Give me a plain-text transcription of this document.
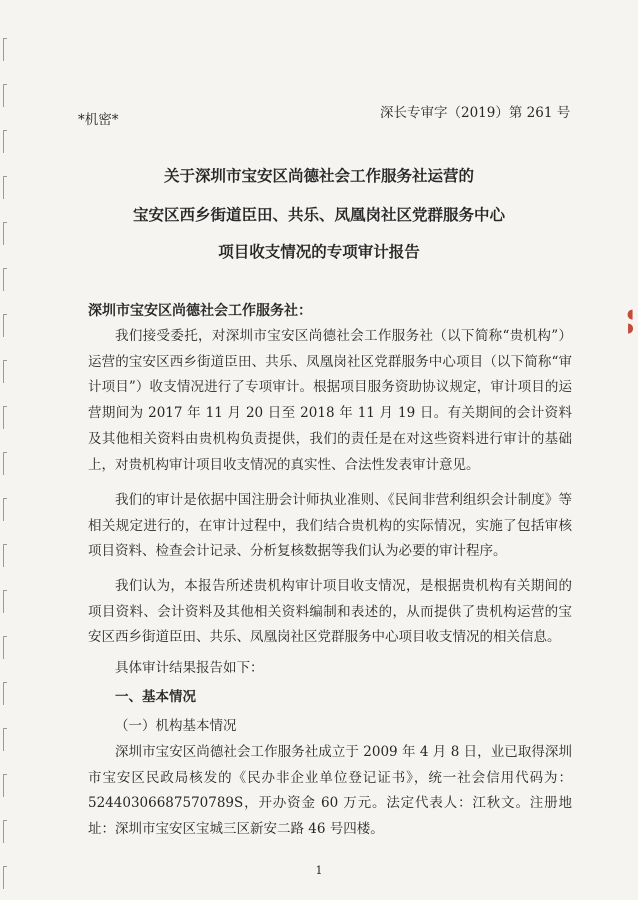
◖
◗
*机密*	深长专审字（2019）第 261 号
关于深圳市宝安区尚德社会工作服务社运营的
宝安区西乡街道臣田、共乐、凤凰岗社区党群服务中心
项目收支情况的专项审计报告
深圳市宝安区尚德社会工作服务社：
我们接受委托，对深圳市宝安区尚德社会工作服务社（以下简称“贵机构”）运营的宝安区西乡街道臣田、共乐、凤凰岗社区党群服务中心项目（以下简称“审计项目”）收支情况进行了专项审计。根据项目服务资助协议规定，审计项目的运营期间为 2017 年 11 月 20 日至 2018 年 11 月 19 日。有关期间的会计资料及其他相关资料由贵机构负责提供，我们的责任是在对这些资料进行审计的基础上，对贵机构审计项目收支情况的真实性、合法性发表审计意见。
我们的审计是依据中国注册会计师执业准则、《民间非营利组织会计制度》等相关规定进行的，在审计过程中，我们结合贵机构的实际情况，实施了包括审核项目资料、检查会计记录、分析复核数据等我们认为必要的审计程序。
我们认为，本报告所述贵机构审计项目收支情况，是根据贵机构有关期间的项目资料、会计资料及其他相关资料编制和表述的，从而提供了贵机构运营的宝安区西乡街道臣田、共乐、凤凰岗社区党群服务中心项目收支情况的相关信息。
具体审计结果报告如下：
一、基本情况
（一）机构基本情况
深圳市宝安区尚德社会工作服务社成立于 2009 年 4 月 8 日，业已取得深圳市宝安区民政局核发的《民办非企业单位登记证书》，统一社会信用代码为：52440306687570789S，开办资金 60 万元。法定代表人：江秋文。注册地址：深圳市宝安区宝城三区新安二路 46 号四楼。
1
